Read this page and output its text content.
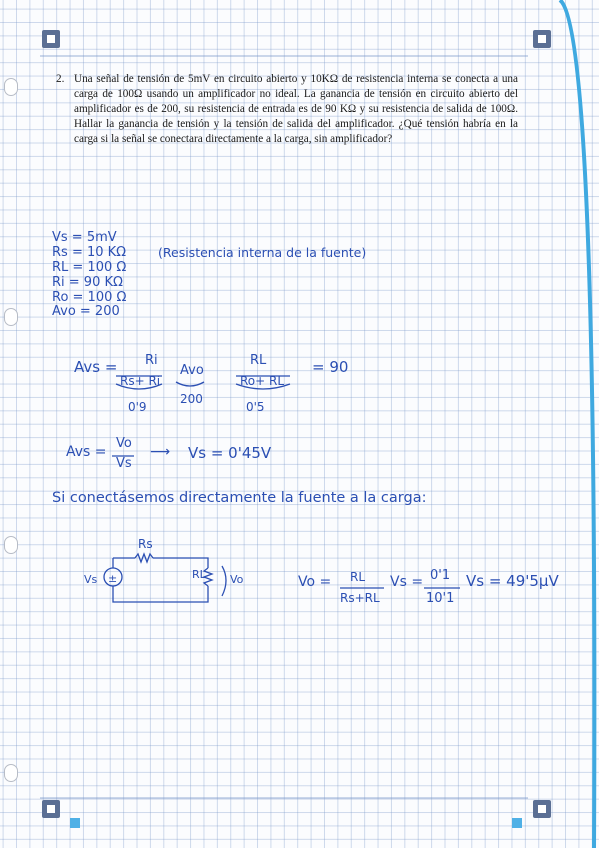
2. Una señal de tensión de 5mV en circuito abierto y 10KΩ de resistencia interna se conecta a una carga de 100Ω usando un amplificador no ideal. La ganancia de tensión en circuito abierto del amplificador es de 200, su resistencia de entrada es de 90 KΩ y su resistencia de salida de 100Ω. Hallar la ganancia de tensión y la tensión de salida del amplificador. ¿Qué tensión habría en la carga si la señal se conectara directamente a la carga, sin amplificador?
Vs = 5mV
Rs = 10 KΩ	(Resistencia interna de la fuente)
RL = 100 Ω
Ri = 90 KΩ
Ro = 100 Ω
Avo = 200
Avs = Ri
Rs+ Ri
0'9
Avo
200
RL
Ro+ RL
0'5
= 90
Avs =
Vo
Vs
⟶ Vs = 0'45V
Si conectásemos directamente la fuente a la carga:
±
Rs
RL
Vs	Vo	Vo = RL
Rs+RL
Vs = 0'1
10'1
Vs = 49'5µV
